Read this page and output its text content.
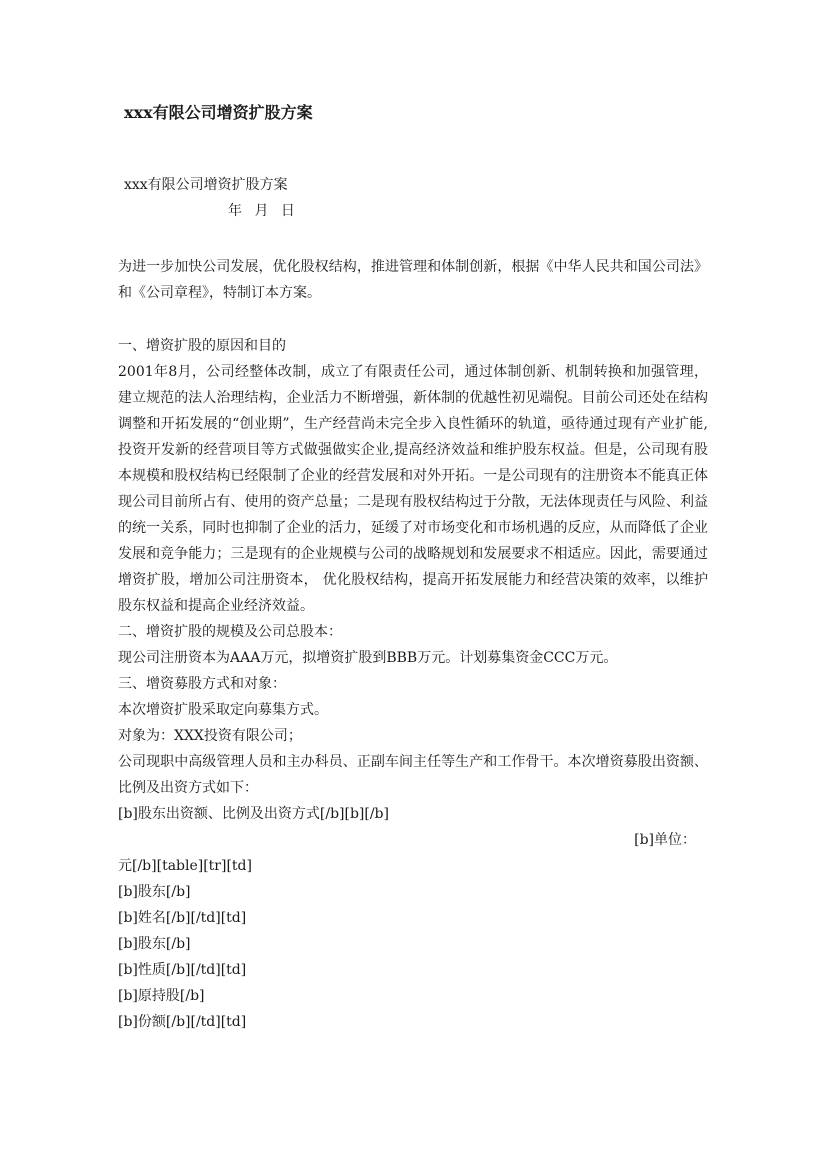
xxx有限公司增资扩股方案
xxx有限公司增资扩股方案
年 月 日
为进一步加快公司发展，优化股权结构，推进管理和体制创新，根据《中华人民共和国公司法》和《公司章程》，特制订本方案。
一、增资扩股的原因和目的
2001年8月，公司经整体改制，成立了有限责任公司，通过体制创新、机制转换和加强管理，建立规范的法人治理结构，企业活力不断增强，新体制的优越性初见端倪。目前公司还处在结构调整和开拓发展的“创业期”，生产经营尚未完全步入良性循环的轨道，亟待通过现有产业扩能,投资开发新的经营项目等方式做强做实企业,提高经济效益和维护股东权益。但是，公司现有股本规模和股权结构已经限制了企业的经营发展和对外开拓。一是公司现有的注册资本不能真正体现公司目前所占有、使用的资产总量；二是现有股权结构过于分散，无法体现责任与风险、利益的统一关系，同时也抑制了企业的活力，延缓了对市场变化和市场机遇的反应，从而降低了企业发展和竞争能力；三是现有的企业规模与公司的战略规划和发展要求不相适应。因此，需要通过增资扩股，增加公司注册资本， 优化股权结构，提高开拓发展能力和经营决策的效率，以维护股东权益和提高企业经济效益。
二、增资扩股的规模及公司总股本：
现公司注册资本为AAA万元，拟增资扩股到BBB万元。计划募集资金CCC万元。
三、增资募股方式和对象：
本次增资扩股采取定向募集方式。
对象为：XXX投资有限公司；
公司现职中高级管理人员和主办科员、正副车间主任等生产和工作骨干。本次增资募股出资额、比例及出资方式如下：
[b]股东出资额、比例及出资方式[/b][b][/b]
[b]单位：
元[/b][table][tr][td]
[b]股东[/b]
[b]姓名[/b][/td][td]
[b]股东[/b]
[b]性质[/b][/td][td]
[b]原持股[/b]
[b]份额[/b][/td][td]
